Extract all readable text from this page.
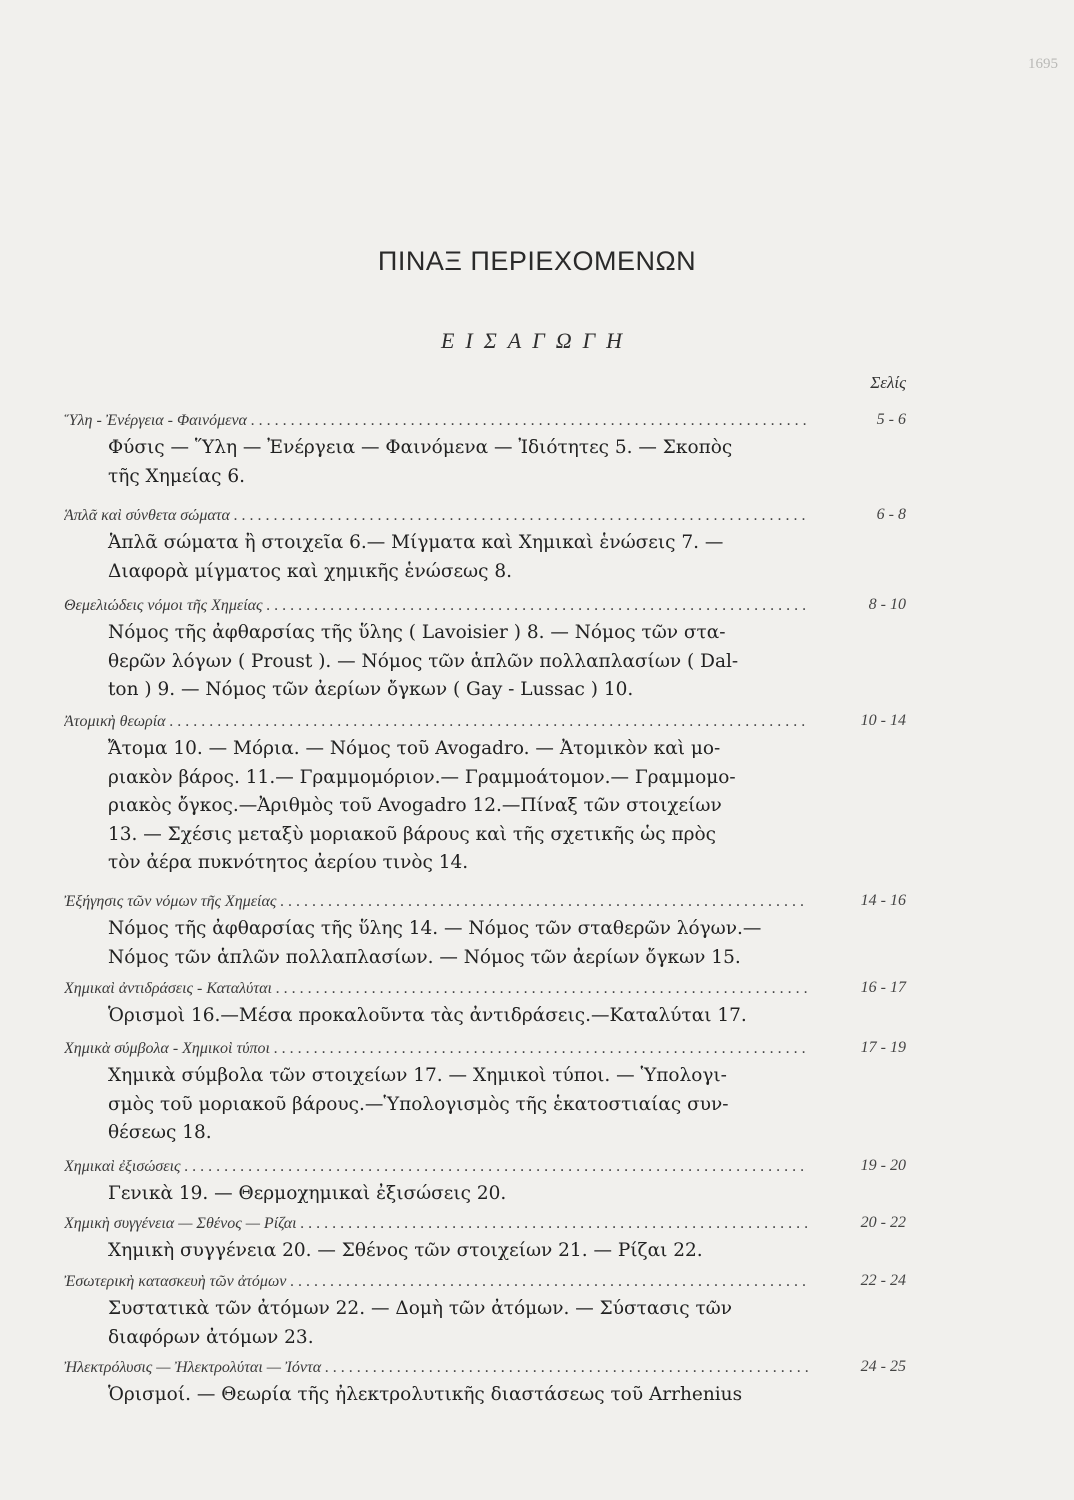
1695
ΠΙΝΑΞ ΠΕΡΙΕΧΟΜΕΝΩΝ
ΕΙΣΑΓΩΓΗ
Σελίς
Ὕλη - Ἐνέργεια - Φαινόμενα . . .	5 - 6
Φύσις — Ὕλη — Ἐνέργεια — Φαινόμενα — Ἰδιότητες 5. — Σκοπὸς
τῆς Χημείας 6.
Ἁπλᾶ καὶ σύνθετα σώματα . . .	6 - 8
Ἁπλᾶ σώματα ἢ στοιχεῖα 6.— Μίγματα καὶ Χημικαὶ ἑνώσεις 7. —
Διαφορὰ μίγματος καὶ χημικῆς ἑνώσεως 8.
Θεμελιώδεις νόμοι τῆς Χημείας . . .	8 - 10
Νόμος τῆς ἀφθαρσίας τῆς ὕλης ( Lavoisier ) 8. — Νόμος τῶν στα-
θερῶν λόγων ( Proust ). — Νόμος τῶν ἁπλῶν πολλαπλασίων ( Dal-
ton ) 9. — Νόμος τῶν ἀερίων ὄγκων ( Gay - Lussac ) 10.
Ἀτομικὴ θεωρία . . .	10 - 14
Ἄτομα 10. — Μόρια. — Νόμος τοῦ Avogadro. — Ἀτομικὸν καὶ μο-
ριακὸν βάρος. 11.— Γραμμομόριον.— Γραμμοάτομον.— Γραμμομο-
ριακὸς ὄγκος.—Ἀριθμὸς τοῦ Avogadro 12.—Πίναξ τῶν στοιχείων
13. — Σχέσις μεταξὺ μοριακοῦ βάρους καὶ τῆς σχετικῆς ὡς πρὸς
τὸν ἀέρα πυκνότητος ἀερίου τινὸς 14.
Ἐξήγησις τῶν νόμων τῆς Χημείας . . .	14 - 16
Νόμος τῆς ἀφθαρσίας τῆς ὕλης 14. — Νόμος τῶν σταθερῶν λόγων.—
Νόμος τῶν ἁπλῶν πολλαπλασίων. — Νόμος τῶν ἀερίων ὄγκων 15.
Χημικαὶ ἀντιδράσεις - Καταλύται . . .	16 - 17
Ὁρισμοὶ 16.—Μέσα προκαλοῦντα τὰς ἀντιδράσεις.—Καταλύται 17.
Χημικὰ σύμβολα - Χημικοὶ τύποι . . .	17 - 19
Χημικὰ σύμβολα τῶν στοιχείων 17. — Χημικοὶ τύποι. — Ὑπολογι-
σμὸς τοῦ μοριακοῦ βάρους.—Ὑπολογισμὸς τῆς ἑκατοστιαίας συν-
θέσεως 18.
Χημικαὶ ἐξισώσεις . . .	19 - 20
Γενικὰ 19. — Θερμοχημικαὶ ἐξισώσεις 20.
Χημικὴ συγγένεια — Σθένος — Ρίζαι . . .	20 - 22
Χημικὴ συγγένεια 20. — Σθένος τῶν στοιχείων 21. — Ρίζαι 22.
Ἐσωτερικὴ κατασκευὴ τῶν ἀτόμων . . .	22 - 24
Συστατικὰ τῶν ἀτόμων 22. — Δομὴ τῶν ἀτόμων. — Σύστασις τῶν
διαφόρων ἀτόμων 23.
Ἠλεκτρόλυσις — Ἠλεκτρολύται — Ἰόντα . . .	24 - 25
Ὁρισμοί. — Θεωρία τῆς ἠλεκτρολυτικῆς διαστάσεως τοῦ Arrhenius
